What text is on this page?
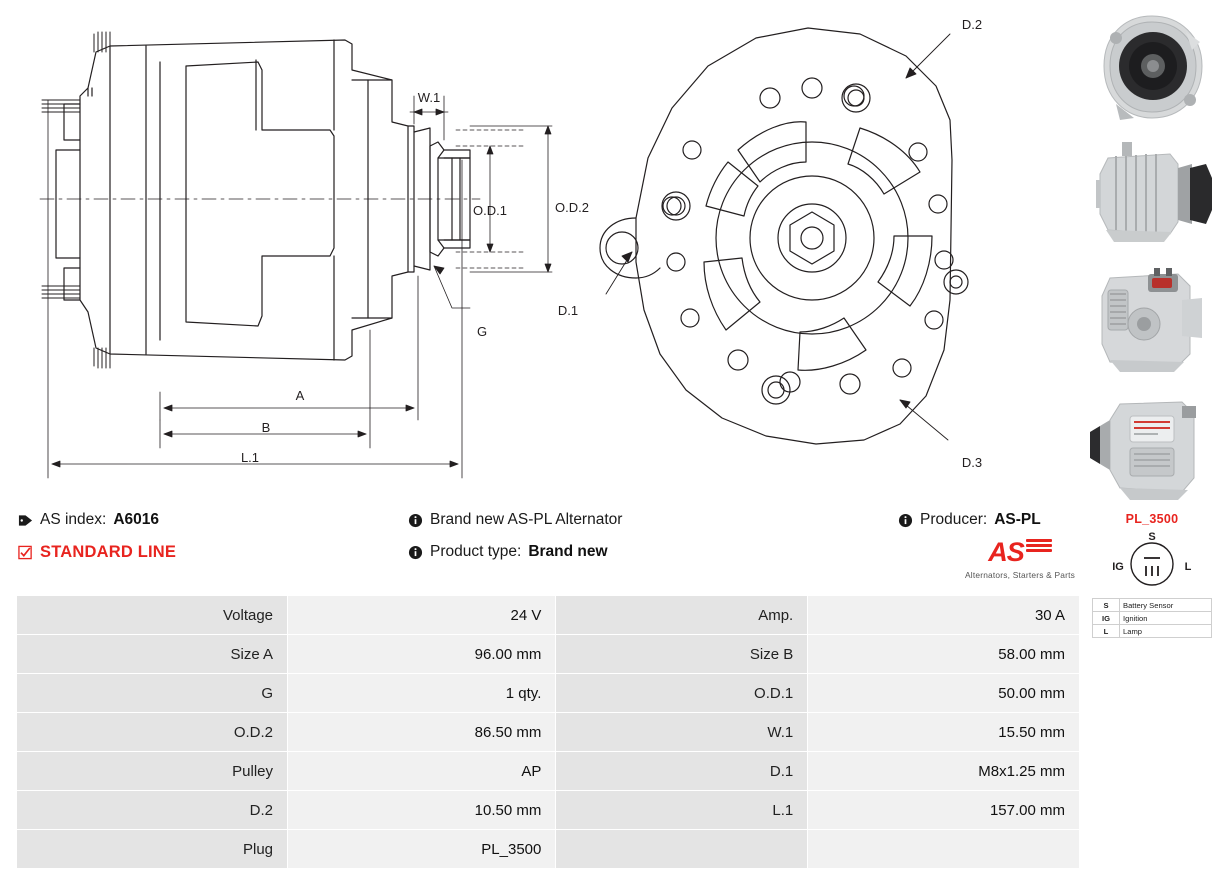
W.1
O.D.1	O.D.2
G
A
B
L.1
D.1
D.2
D.3
AS index: A6016
STANDARD LINE
Brand new AS-PL Alternator
Product type: Brand new
Producer: AS-PL
AS
Alternators, Starters & Parts
Voltage	24 V	Amp.	30 A
Size A	96.00 mm	Size B	58.00 mm
G	1 qty.	O.D.1	50.00 mm
O.D.2	86.50 mm	W.1	15.50 mm
Pulley	AP	D.1	M8x1.25 mm
D.2	10.50 mm	L.1	157.00 mm
Plug	PL_3500		
PL_3500
S
IG	L
S	Battery Sensor
IG	Ignition
L	Lamp
